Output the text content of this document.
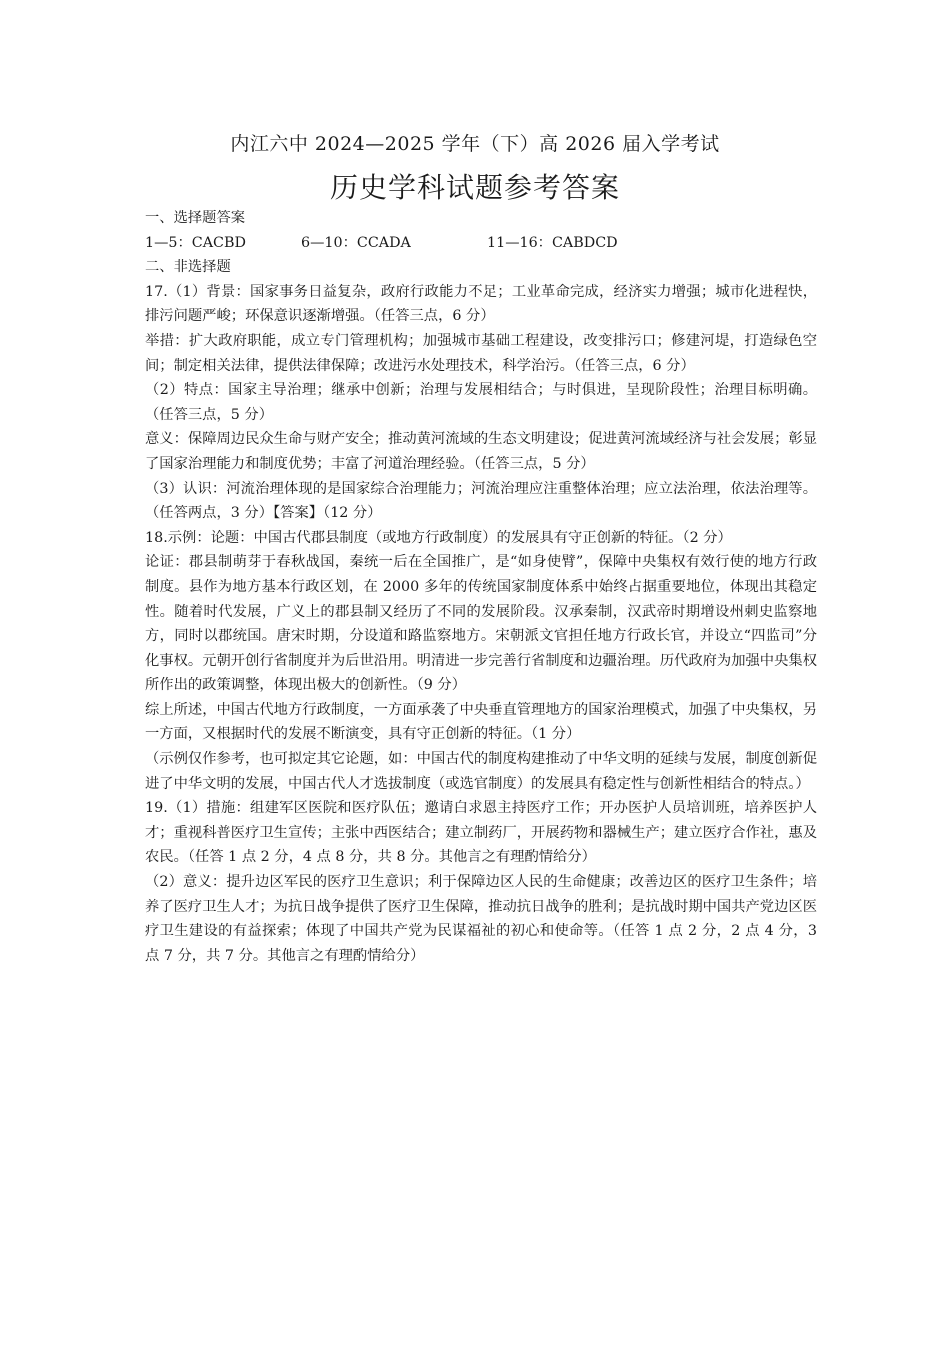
内江六中 2024—2025 学年（下）高 2026 届入学考试
历史学科试题参考答案
一、选择题答案
1—5：CACBD	6—10：CCADA	11—16：CABDCD
二、非选择题

17.（1）背景：国家事务日益复杂，政府行政能力不足；工业革命完成，经济实力增强；城市化进程快，排污问题严峻；环保意识逐渐增强。（任答三点，6 分）

举措：扩大政府职能，成立专门管理机构；加强城市基础工程建设，改变排污口；修建河堤，打造绿色空间；制定相关法律，提供法律保障；改进污水处理技术，科学治污。（任答三点，6 分）

（2）特点：国家主导治理；继承中创新；治理与发展相结合；与时俱进，呈现阶段性；治理目标明确。（任答三点，5 分）

意义：保障周边民众生命与财产安全；推动黄河流域的生态文明建设；促进黄河流域经济与社会发展；彰显了国家治理能力和制度优势；丰富了河道治理经验。（任答三点，5 分）

（3）认识：河流治理体现的是国家综合治理能力；河流治理应注重整体治理；应立法治理，依法治理等。（任答两点，3 分）【答案】（12 分）

18.示例：论题：中国古代郡县制度（或地方行政制度）的发展具有守正创新的特征。（2 分）

论证：郡县制萌芽于春秋战国，秦统一后在全国推广，是“如身使臂”，保障中央集权有效行使的地方行政制度。县作为地方基本行政区划，在 2000 多年的传统国家制度体系中始终占据重要地位，体现出其稳定性。随着时代发展，广义上的郡县制又经历了不同的发展阶段。汉承秦制，汉武帝时期增设州刺史监察地方，同时以郡统国。唐宋时期，分设道和路监察地方。宋朝派文官担任地方行政长官，并设立“四监司”分化事权。元朝开创行省制度并为后世沿用。明清进一步完善行省制度和边疆治理。历代政府为加强中央集权所作出的政策调整，体现出极大的创新性。（9 分）

综上所述，中国古代地方行政制度，一方面承袭了中央垂直管理地方的国家治理模式，加强了中央集权，另一方面，又根据时代的发展不断演变，具有守正创新的特征。（1 分）

（示例仅作参考，也可拟定其它论题，如：中国古代的制度构建推动了中华文明的延续与发展，制度创新促进了中华文明的发展，中国古代人才选拔制度（或选官制度）的发展具有稳定性与创新性相结合的特点。）

19.（1）措施：组建军区医院和医疗队伍；邀请白求恩主持医疗工作；开办医护人员培训班，培养医护人才；重视科普医疗卫生宣传；主张中西医结合；建立制药厂，开展药物和器械生产；建立医疗合作社，惠及农民。（任答 1 点 2 分，4 点 8 分，共 8 分。其他言之有理酌情给分）

（2）意义：提升边区军民的医疗卫生意识；利于保障边区人民的生命健康；改善边区的医疗卫生条件；培养了医疗卫生人才；为抗日战争提供了医疗卫生保障，推动抗日战争的胜利；是抗战时期中国共产党边区医疗卫生建设的有益探索；体现了中国共产党为民谋福祉的初心和使命等。（任答 1 点 2 分，2 点 4 分，3 点 7 分，共 7 分。其他言之有理酌情给分）
